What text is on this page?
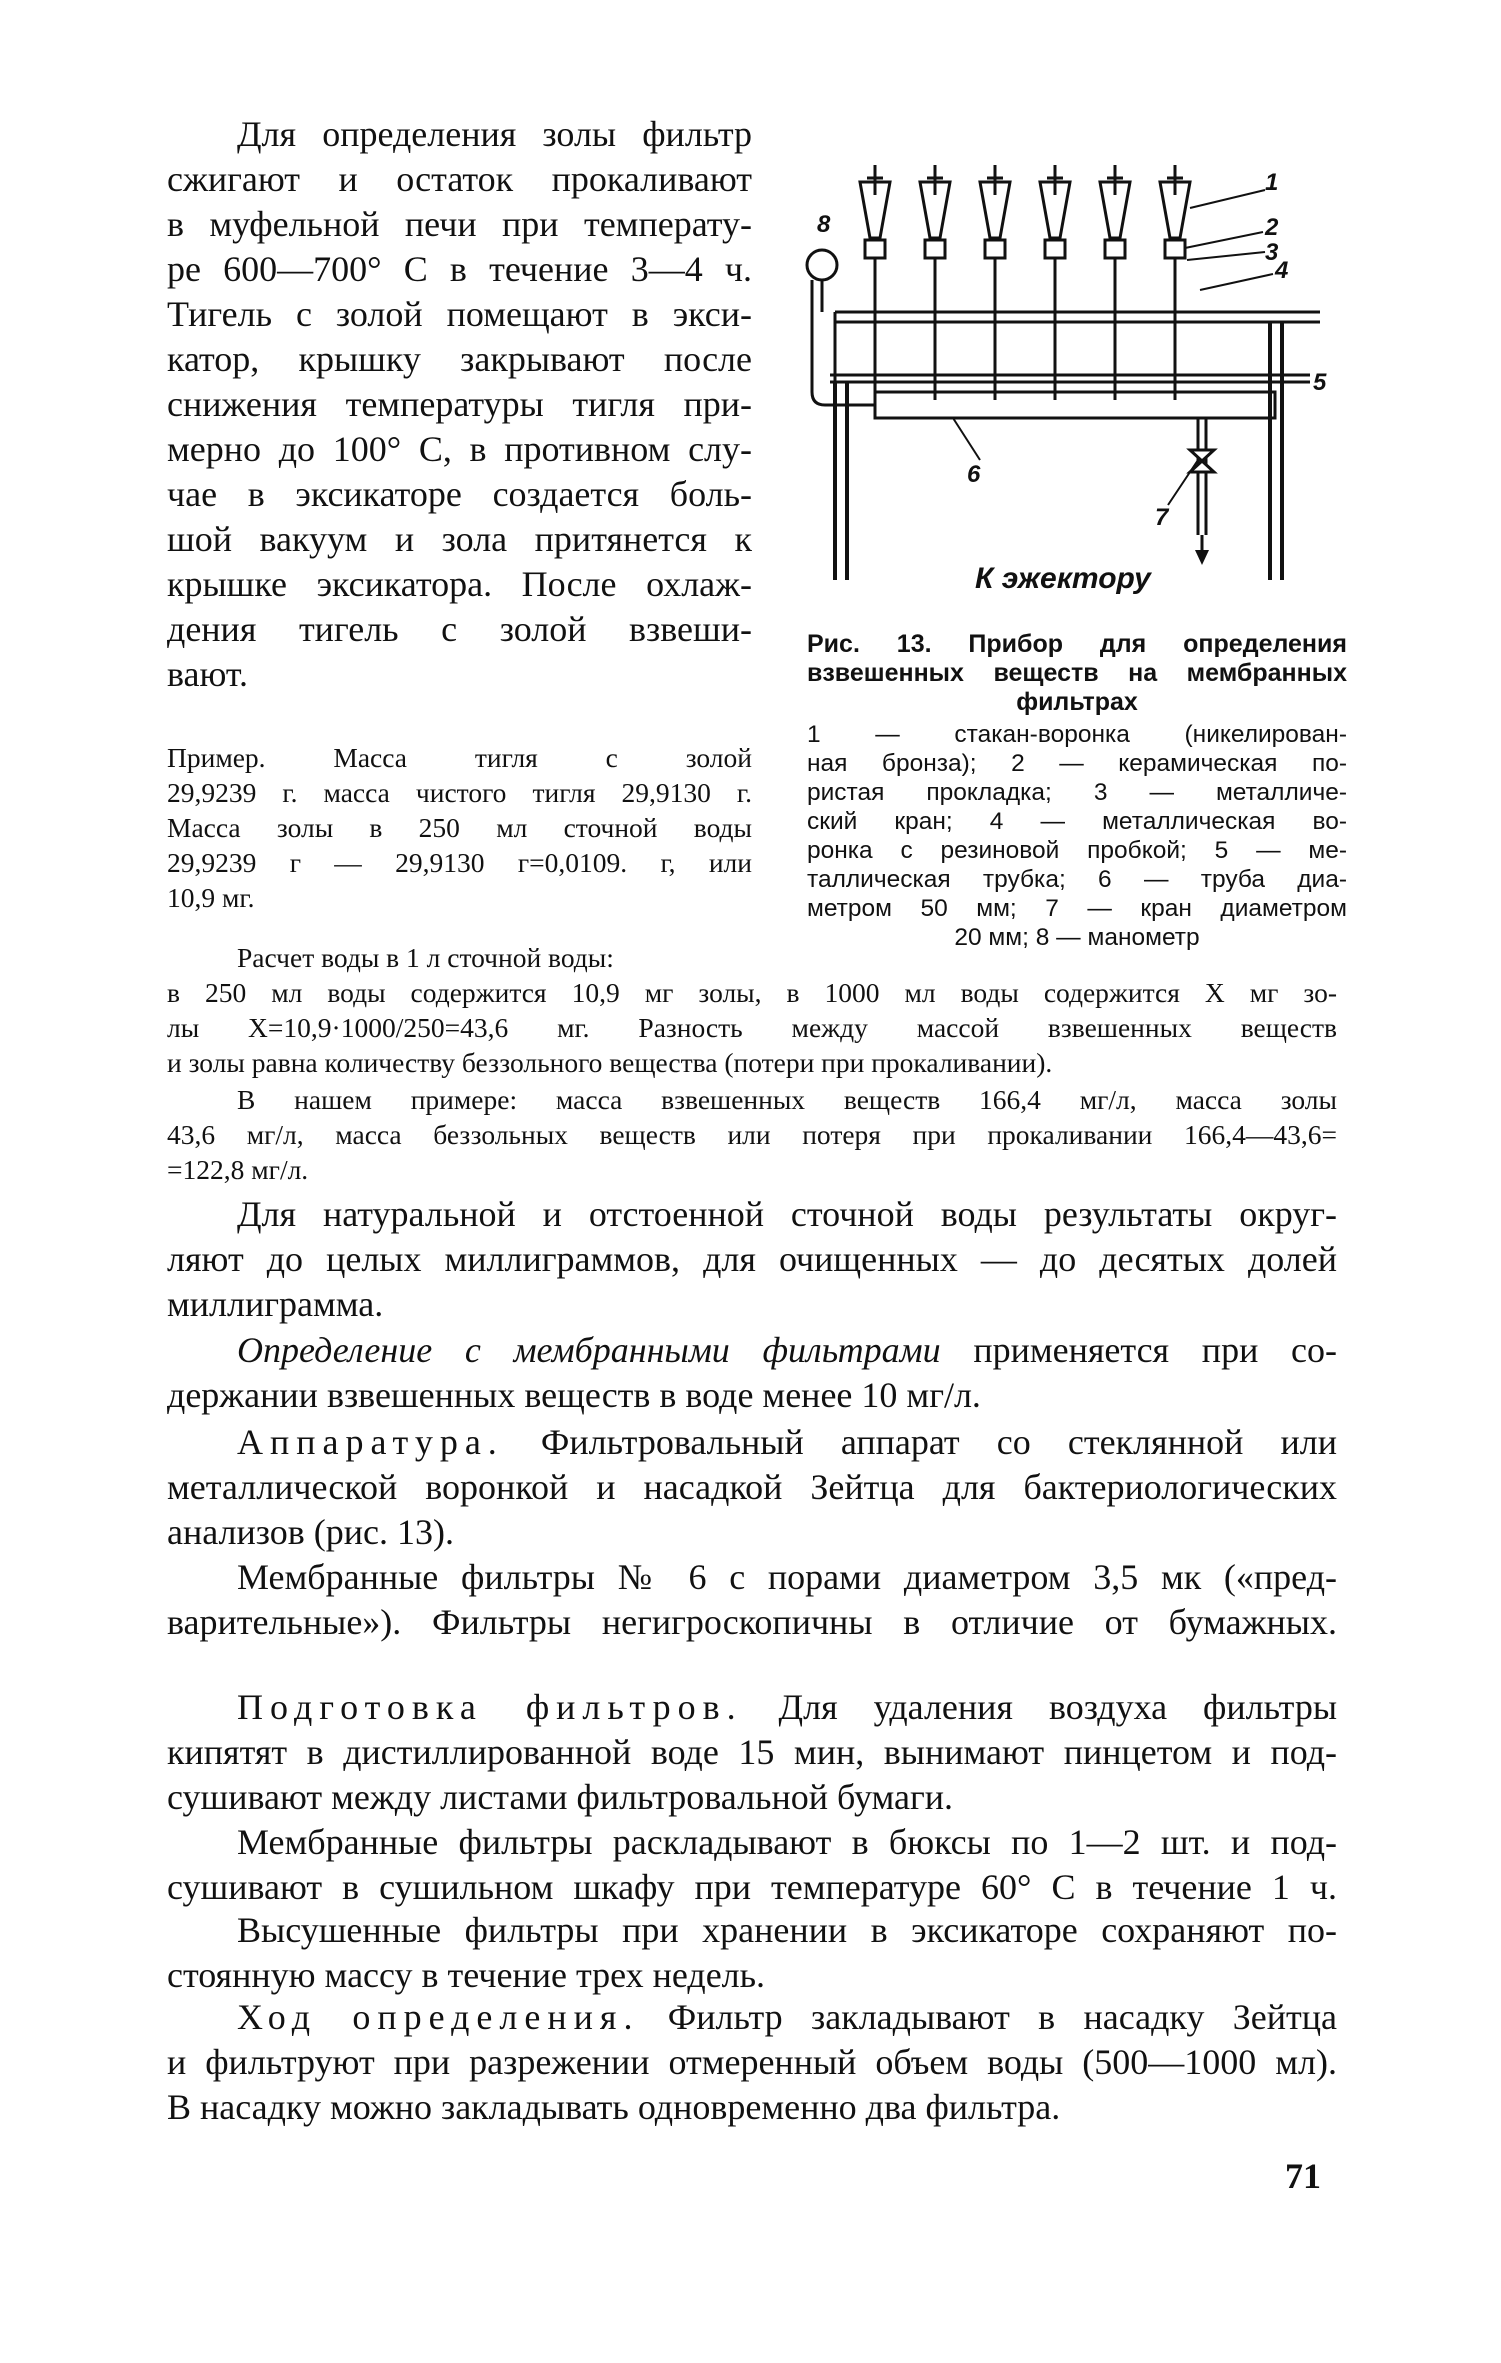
Для определения золы фильтр
сжигают и остаток прокаливают
в муфельной печи при температу-
ре 600—700° С в течение 3—4 ч.
Тигель с золой помещают в экси-
катор, крышку закрывают после
снижения температуры тигля при-
мерно до 100° С, в противном слу-
чае в эксикаторе создается боль-
шой вакуум и зола притянется к
крышке эксикатора. После охлаж-
дения тигель с золой взвеши-
вают.
Пример. Масса тигля с золой
29,9239 г. масса чистого тигля 29,9130 г.
Масса золы в 250 мл сточной воды
29,9239 г — 29,9130 г=0,0109. г, или
10,9 мг.
Расчет воды в 1 л сточной воды:
1
2
3
4
5
6
7
8
К эжектору
Рис. 13. Прибор для определения
взвешенных веществ на мембранных
фильтрах
1 — стакан-воронка (никелирован-
ная бронза); 2 — керамическая по-
ристая прокладка; 3 — металличе-
ский кран; 4 — металлическая во-
ронка с резиновой пробкой; 5 — ме-
таллическая трубка; 6 — труба диа-
метром 50 мм; 7 — кран диаметром
20 мм; 8 — манометр
в 250 мл воды содержится 10,9 мг золы, в 1000 мл воды содержится X мг зо-
лы X=10,9·1000/250=43,6 мг. Разность между массой взвешенных веществ
и золы равна количеству беззольного вещества (потери при прокаливании).
В нашем примере: масса взвешенных веществ 166,4 мг/л, масса золы
43,6 мг/л, масса беззольных веществ или потеря при прокаливании 166,4—43,6=
=122,8 мг/л.
Для натуральной и отстоенной сточной воды результаты округ-
ляют до целых миллиграммов, для очищенных — до десятых долей
миллиграмма.
Определение с мембранными фильтрами применяется при со-
держании взвешенных веществ в воде менее 10 мг/л.
Аппаратура. Фильтровальный аппарат со стеклянной или
металлической воронкой и насадкой Зейтца для бактериологических
анализов (рис. 13).
Мембранные фильтры № 6 с порами диаметром 3,5 мк («пред-
варительные»). Фильтры негигроскопичны в отличие от бумажных.
Подготовка фильтров. Для удаления воздуха фильтры
кипятят в дистиллированной воде 15 мин, вынимают пинцетом и под-
сушивают между листами фильтровальной бумаги.
Мембранные фильтры раскладывают в бюксы по 1—2 шт. и под-
сушивают в сушильном шкафу при температуре 60° С в течение 1 ч.
Высушенные фильтры при хранении в эксикаторе сохраняют по-
стоянную массу в течение трех недель.
Ход определения. Фильтр закладывают в насадку Зейтца
и фильтруют при разрежении отмеренный объем воды (500—1000 мл).
В насадку можно закладывать одновременно два фильтра.
71
